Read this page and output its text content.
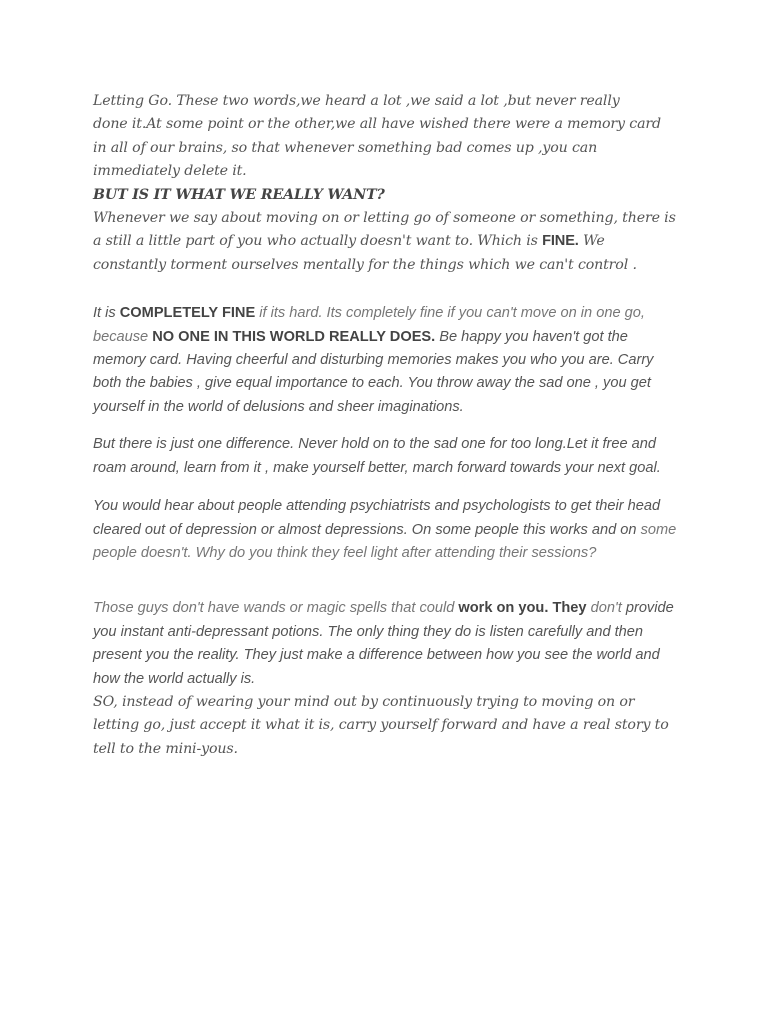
Letting Go. These two words,we heard a lot ,we said a lot ,but never really
done it.At some point or the other,we all have wished there were a memory card in all of our brains, so that whenever something bad comes up ,you can immediately delete it.

BUT IS IT WHAT WE REALLY WANT?

Whenever we say about moving on or letting go of someone or something, there is a still a little part of you who actually doesn't want to. Which is FINE. We constantly torment ourselves mentally for the things which we can't control .

It is COMPLETELY FINE if its hard. Its completely fine if you can't move on in one go, because NO ONE IN THIS WORLD REALLY DOES. Be happy you haven't got the memory card. Having cheerful and disturbing memories makes you who you are. Carry both the babies , give equal importance to each. You throw away the sad one , you get yourself in the world of delusions and sheer imaginations.

But there is just one difference. Never hold on to the sad one for too long.Let it free and roam around, learn from it , make yourself better, march forward towards your next goal.

You would hear about people attending psychiatrists and psychologists to get their head cleared out of depression or almost depressions. On some people this works and on some people doesn't. Why do you think they feel light after attending their sessions?

Those guys don't have wands or magic spells that could work on you. They don't provide you instant anti-depressant potions. The only thing they do is listen carefully and then present you the reality. They just make a difference between how you see the world and how the world actually is.

SO, instead of wearing your mind out by continuously trying to moving on or letting go, just accept it what it is, carry yourself forward and have a real story to tell to the mini-yous.
